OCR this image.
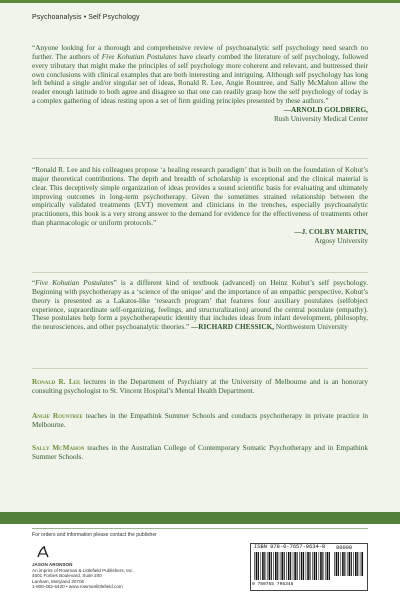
Psychoanalysis • Self Psychology
“Anyone looking for a thorough and comprehensive review of psychoanalytic self psychology need search no further. The authors of Five Kohutian Postulates have clearly combed the literature of self psychology, followed every tributary that might make the principles of self psychology more coherent and relevant, and buttressed their own conclusions with clinical examples that are both interesting and intriguing. Although self psychology has long left behind a single and/or singular set of ideas, Ronald R. Lee, Angie Rountree, and Sally McMahon allow the reader enough latitude to both agree and disagree so that one can readily grasp how the self psychology of today is a complex gathering of ideas resting upon a set of firm guiding principles presented by these authors.”
—ARNOLD GOLDBERG,
Rush University Medical Center
“Ronald R. Lee and his colleagues propose ‘a healing research paradigm’ that is built on the foundation of Kohut’s major theoretical contributions. The depth and breadth of scholarship is exceptional and the clinical material is clear. This deceptively simple organization of ideas provides a sound scientific basis for evaluating and ultimately improving outcomes in long-term psychotherapy. Given the sometimes strained relationship between the empirically validated treatments (EVT) movement and clinicians in the trenches, especially psychoanalytic practitioners, this book is a very strong answer to the demand for evidence for the effectiveness of treatments other than pharmacologic or uniform protocols.”
—J. COLBY MARTIN,
Argosy University
“Five Kohutian Postulates” is a different kind of textbook (advanced) on Heinz Kohut’s self psychology. Beginning with psychotherapy as a ‘science of the unique’ and the importance of an empathic perspective, Kohut’s theory is presented as a Lakatos-like ‘research program’ that features four auxiliary postulates (selfobject experience, supraordinate self-organizing, feelings, and structuralization) around the central postulate (empathy). These postulates help form a psychotherapeutic identity that includes ideas from infant development, philosophy, the neurosciences, and other psychoanalytic theories.” —RICHARD CHESSICK, Northwestern University
Ronald R. Lee lectures in the Department of Psychiatry at the University of Melbourne and is an honorary consulting psychologist to St. Vincent Hospital’s Mental Health Department.
Angie Rountree teaches in the Empathink Summer Schools and conducts psychotherapy in private practice in Melbourne.
Sally McMahon teaches in the Australian College of Contemporary Somatic Psychotherapy and in Empathink Summer Schools.
For orders and information please contact the publisher
JASON ARONSON
An imprint of Rowman & Littlefield Publishers, Inc.
4501 Forbes Boulevard, Suite 200
Lanham, Maryland 20706
1-800-462-6420 • www.rowmanlittlefield.com
ISBN 978-0-7657-0634-8
9 780765 706348
90000
